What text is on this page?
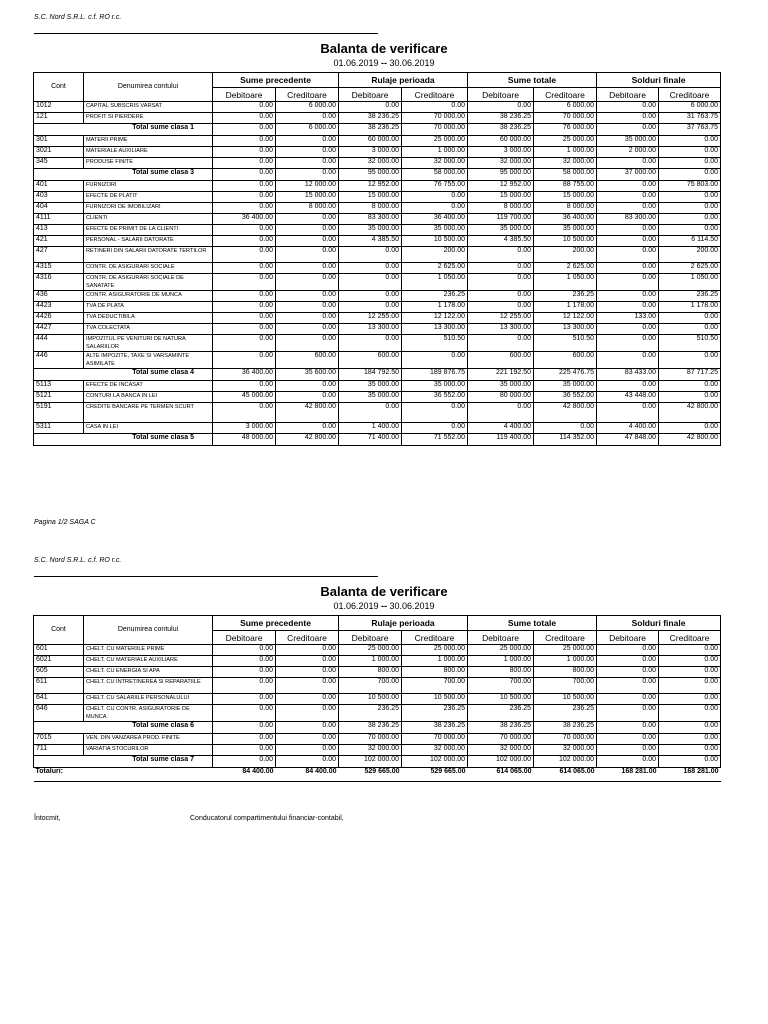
S.C. Nord S.R.L. c.f. RO r.c.
Balanta de verificare
01.06.2019 -- 30.06.2019
Cont	Denumirea contului	Sume precedente		Rulaje perioada		Sume totale		Solduri finale	
		Debitoare	Creditoare	Debitoare	Creditoare	Debitoare	Creditoare	Debitoare	Creditoare
1012	CAPITAL SUBSCRIS VARSAT	0.00	6 000.00	0.00	0.00	0.00	6 000.00	0.00	6 000.00
121	PROFIT SI PIERDERE	0.00	0.00	38 236.25	70 000.00	38 236.25	70 000.00	0.00	31 763.75
Total sume clasa 1		0.00	6 000.00	38 236.25	70 000.00	38 236.25	76 000.00	0.00	37 763.75
301	MATERII PRIME	0.00	0.00	60 000.00	25 000.00	60 000.00	25 000.00	35 000.00	0.00
3021	MATERIALE AUXILIARE	0.00	0.00	3 000.00	1 000.00	3 000.00	1 000.00	2 000.00	0.00
345	PRODUSE FINITE	0.00	0.00	32 000.00	32 000.00	32 000.00	32 000.00	0.00	0.00
Total sume clasa 3		0.00	0.00	95 000.00	58 000.00	95 000.00	58 000.00	37 000.00	0.00
401	FURNIZORI	0.00	12 000.00	12 952.00	76 755.00	12 952.00	88 755.00	0.00	75 803.00
403	EFECTE DE PLATIT	0.00	15 000.00	15 000.00	0.00	15 000.00	15 000.00	0.00	0.00
404	FURNIZORI DE IMOBILIZARI	0.00	8 000.00	8 000.00	0.00	8 000.00	8 000.00	0.00	0.00
4111	CLIENTI	36 400.00	0.00	83 300.00	36 400.00	119 700.00	36 400.00	83 300.00	0.00
413	EFECTE DE PRIMIT DE LA CLIENTI	0.00	0.00	35 000.00	35 000.00	35 000.00	35 000.00	0.00	0.00
421	PERSONAL - SALARII DATORATE	0.00	0.00	4 385.50	10 500.00	4 385.50	10 500.00	0.00	6 114.50
427	RETINERI DIN SALARII DATORATE TERTILOR	0.00	0.00	0.00	200.00	0.00	200.00	0.00	200.00
4315	CONTR. DE ASIGURARI SOCIALE	0.00	0.00	0.00	2 625.00	0.00	2 625.00	0.00	2 625.00
4316	CONTR. DE ASIGURARI SOCIALE DE SANATATE	0.00	0.00	0.00	1 050.00	0.00	1 050.00	0.00	1 050.00
436	CONTR. ASIGURATORIE DE MUNCA	0.00	0.00	0.00	236.25	0.00	236.25	0.00	236.25
4423	TVA DE PLATA	0.00	0.00	0.00	1 178.00	0.00	1 178.00	0.00	1 178.00
4426	TVA DEDUCTIBILA	0.00	0.00	12 255.00	12 122.00	12 255.00	12 122.00	133.00	0.00
4427	TVA COLECTATA	0.00	0.00	13 300.00	13 300.00	13 300.00	13 300.00	0.00	0.00
444	IMPOZITUL PE VENITURI DE NATURA SALARIILOR	0.00	0.00	0.00	510.50	0.00	510.50	0.00	510.50
446	ALTE IMPOZITE, TAXE SI VARSAMINTE ASIMILATE	0.00	600.00	600.00	0.00	600.00	600.00	0.00	0.00
Total sume clasa 4		36 400.00	35 600.00	184 792.50	189 876.75	221 192.50	225 476.75	83 433.00	87 717.25
5113	EFECTE DE INCASAT	0.00	0.00	35 000.00	35 000.00	35 000.00	35 000.00	0.00	0.00
5121	CONTURI LA BANCA IN LEI	45 000.00	0.00	35 000.00	36 552.00	80 000.00	36 552.00	43 448.00	0.00
5191	CREDITE BANCARE PE TERMEN SCURT	0.00	42 800.00	0.00	0.00	0.00	42 800.00	0.00	42 800.00
5311	CASA IN LEI	3 000.00	0.00	1 400.00	0.00	4 400.00	0.00	4 400.00	0.00
Total sume clasa 5		48 000.00	42 800.00	71 400.00	71 552.00	119 400.00	114 352.00	47 848.00	42 800.00
Pagina 1/2 SAGA C
S.C. Nord S.R.L. c.f. RO r.c.
Balanta de verificare
01.06.2019 -- 30.06.2019
Cont	Denumirea contului	Sume precedente		Rulaje perioada		Sume totale		Solduri finale	
		Debitoare	Creditoare	Debitoare	Creditoare	Debitoare	Creditoare	Debitoare	Creditoare
601	CHELT. CU MATERIILE PRIME	0.00	0.00	25 000.00	25 000.00	25 000.00	25 000.00	0.00	0.00
6021	CHELT. CU MATERIALE AUXILIARE	0.00	0.00	1 000.00	1 000.00	1 000.00	1 000.00	0.00	0.00
605	CHELT. CU ENERGIA SI APA	0.00	0.00	800.00	800.00	800.00	800.00	0.00	0.00
611	CHELT. CU INTRETINEREA SI REPARATIILE	0.00	0.00	700.00	700.00	700.00	700.00	0.00	0.00
641	CHELT. CU SALARIILE PERSONALULUI	0.00	0.00	10 500.00	10 500.00	10 500.00	10 500.00	0.00	0.00
646	CHELT. CU CONTR. ASIGURATORIE DE MUNCA	0.00	0.00	236.25	236.25	236.25	236.25	0.00	0.00
Total sume clasa 6		0.00	0.00	38 236.25	38 236.25	38 236.25	38 236.25	0.00	0.00
7015	VEN. DIN VANZAREA PROD. FINITE	0.00	0.00	70 000.00	70 000.00	70 000.00	70 000.00	0.00	0.00
711	VARIATIA STOCURILOR	0.00	0.00	32 000.00	32 000.00	32 000.00	32 000.00	0.00	0.00
Total sume clasa 7		0.00	0.00	102 000.00	102 000.00	102 000.00	102 000.00	0.00	0.00
Totaluri:		84 400.00	84 400.00	529 665.00	529 665.00	614 065.00	614 065.00	168 281.00	168 281.00
Întocmit,	Conducatorul compartimentului financiar-contabil,
